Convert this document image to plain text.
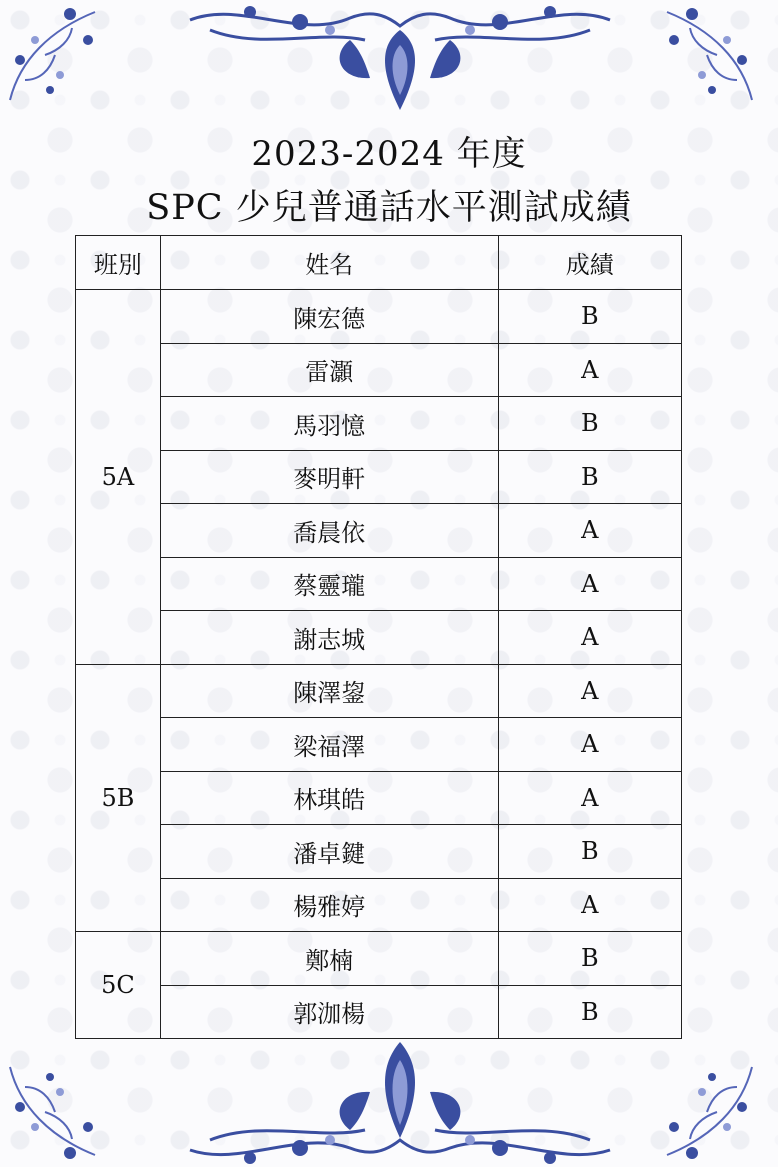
2023-2024 年度
SPC 少兒普通話水平測試成績
班別	姓名	成績
5A	陳宏德	B
	雷灝	A
	馬羽憶	B
	麥明軒	B
	喬晨依	A
	蔡靈瓏	A
	謝志城	A
5B	陳澤鋆	A
	梁福澤	A
	林琪皓	A
	潘卓鍵	B
	楊雅婷	A
5C	鄭楠	B
	郭泇楊	B
